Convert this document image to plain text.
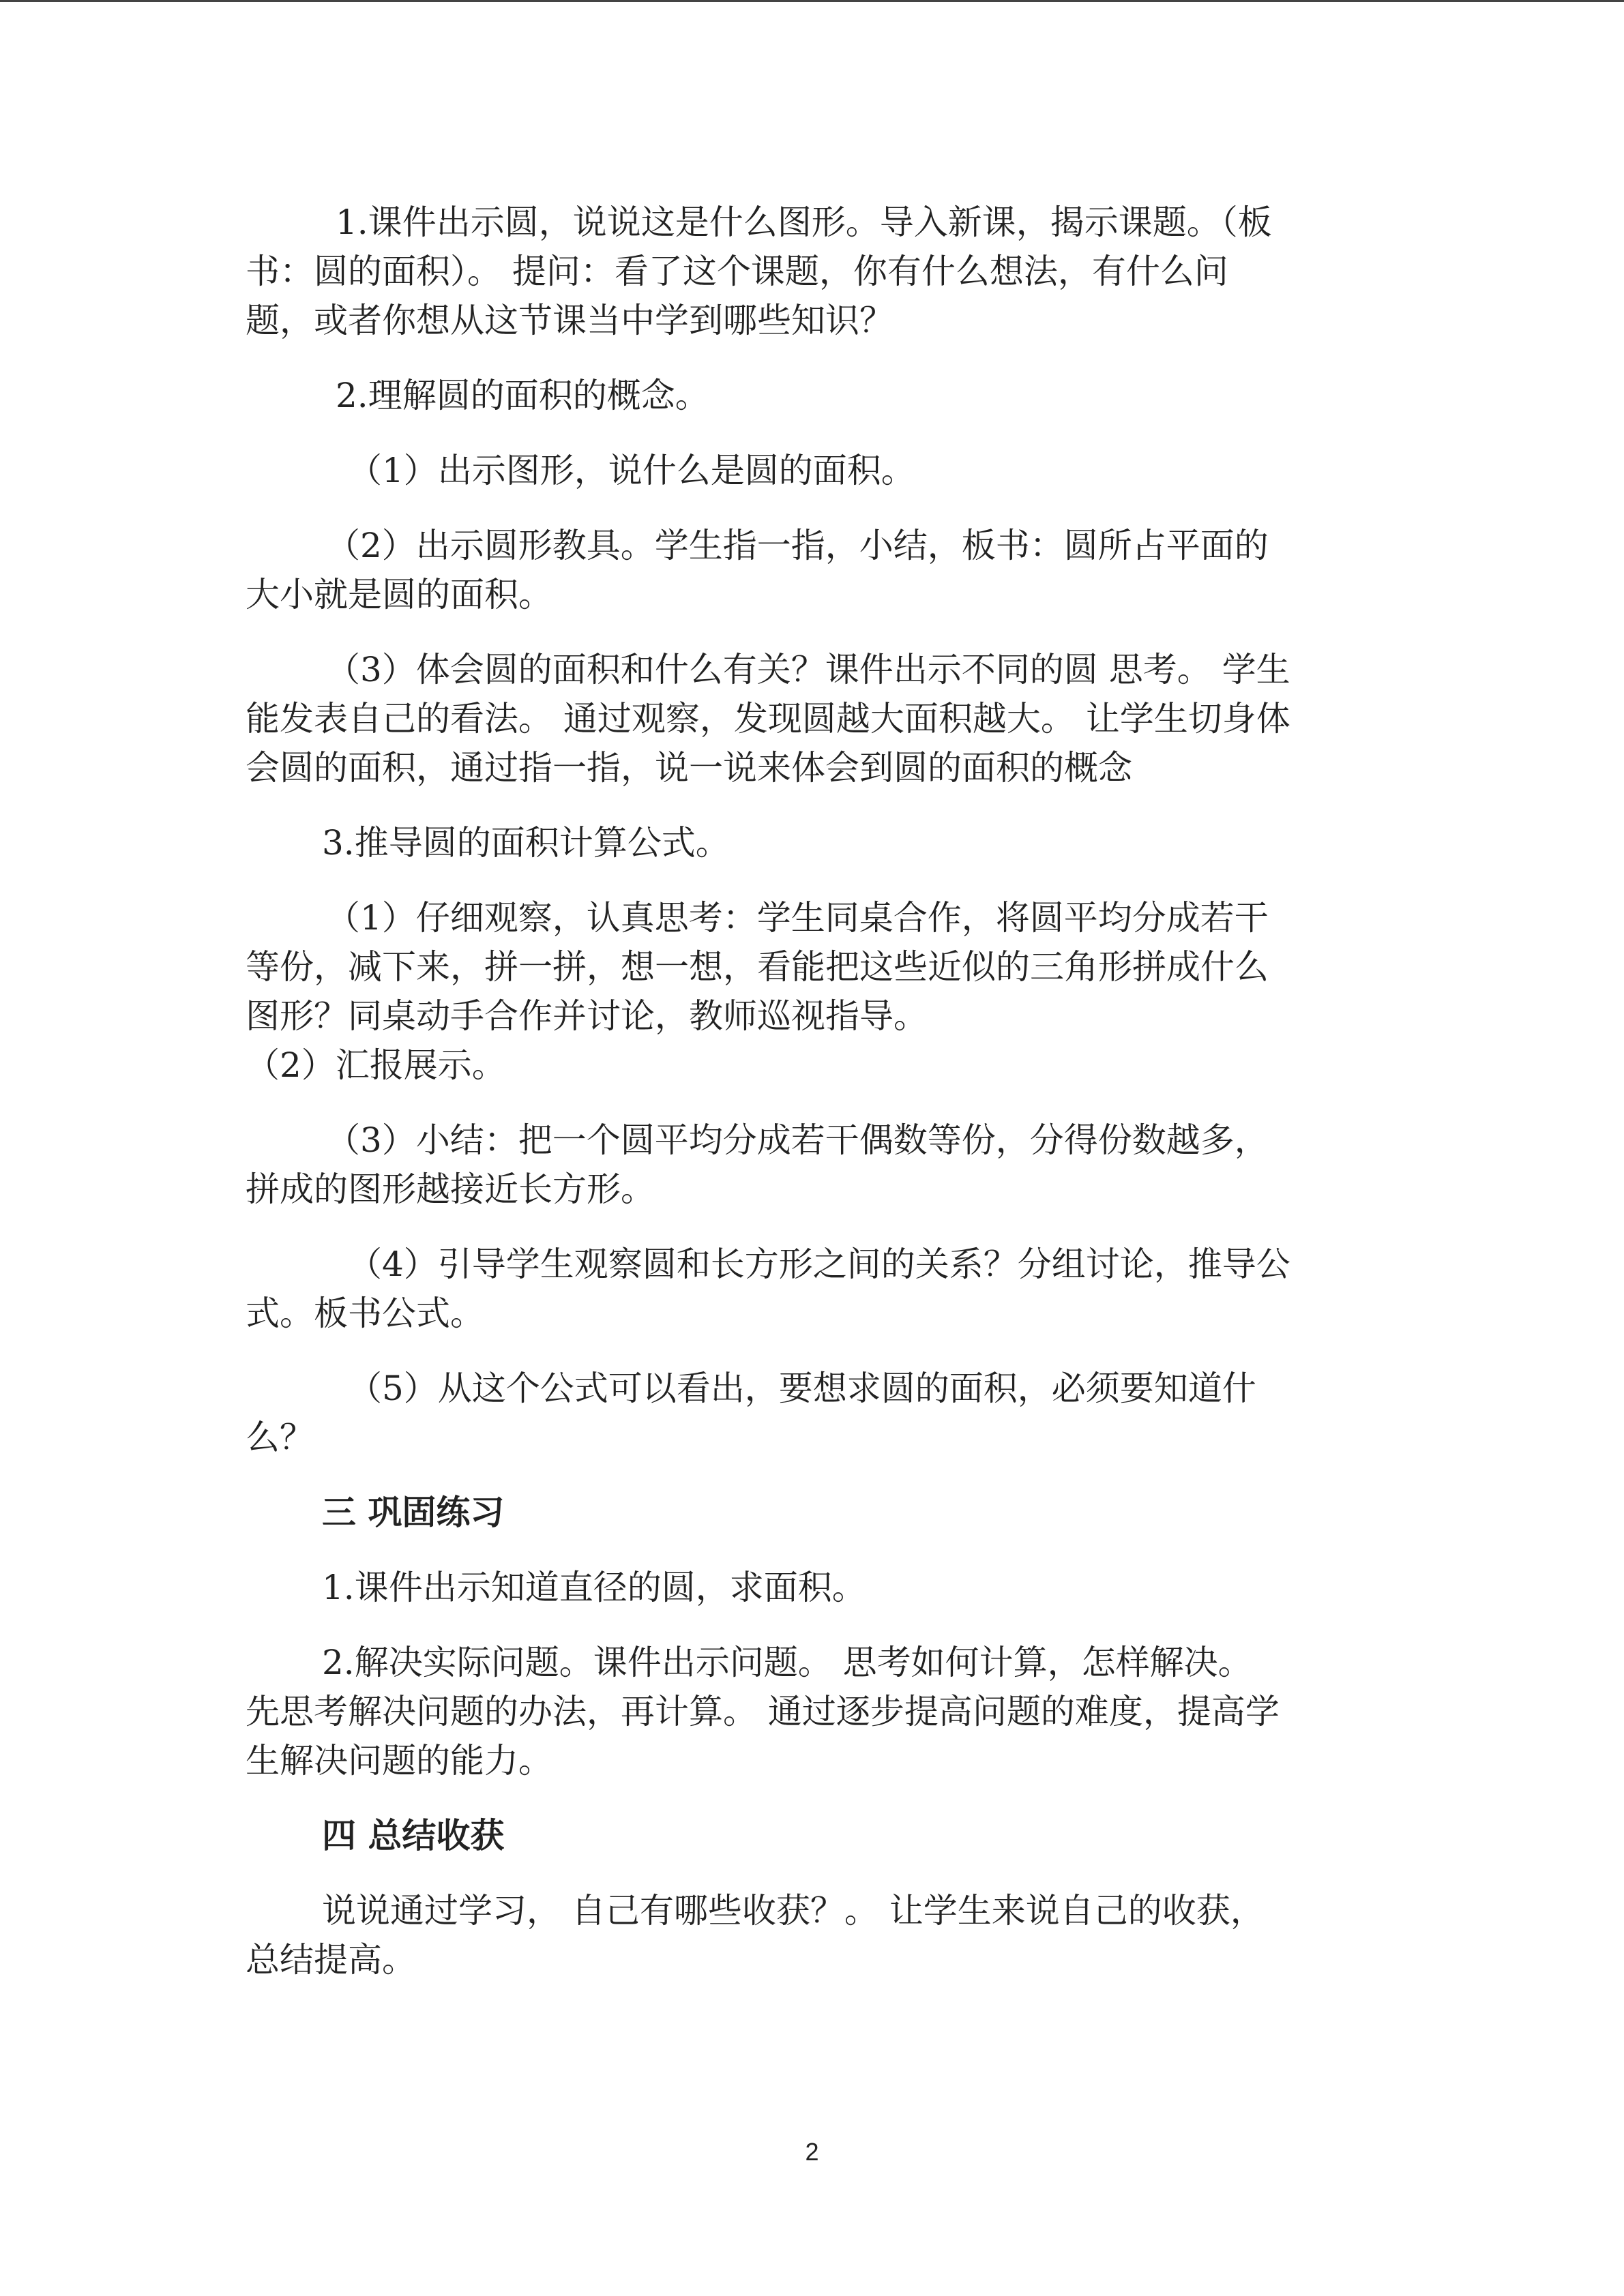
1.课件出示圆，说说这是什么图形。导入新课，揭示课题。（板书：圆的面积）。 提问：看了这个课题，你有什么想法，有什么问题，或者你想从这节课当中学到哪些知识？

2.理解圆的面积的概念。

（1）出示图形，说什么是圆的面积。

（2）出示圆形教具。学生指一指，小结，板书：圆所占平面的大小就是圆的面积。

（3）体会圆的面积和什么有关？课件出示不同的圆 思考。 学生能发表自己的看法。 通过观察，发现圆越大面积越大。 让学生切身体会圆的面积，通过指一指，说一说来体会到圆的面积的概念

3.推导圆的面积计算公式。

（1）仔细观察，认真思考：学生同桌合作，将圆平均分成若干等份，减下来，拼一拼，想一想，看能把这些近似的三角形拼成什么图形？同桌动手合作并讨论，教师巡视指导。

（2）汇报展示。

（3）小结：把一个圆平均分成若干偶数等份，分得份数越多，拼成的图形越接近长方形。

（4）引导学生观察圆和长方形之间的关系？分组讨论，推导公式。板书公式。

（5）从这个公式可以看出，要想求圆的面积，必须要知道什么？

三 巩固练习

1.课件出示知道直径的圆，求面积。

2.解决实际问题。课件出示问题。 思考如何计算，怎样解决。 先思考解决问题的办法，再计算。 通过逐步提高问题的难度，提高学生解决问题的能力。

四 总结收获

说说通过学习， 自己有哪些收获？。 让学生来说自己的收获，总结提高。

2
